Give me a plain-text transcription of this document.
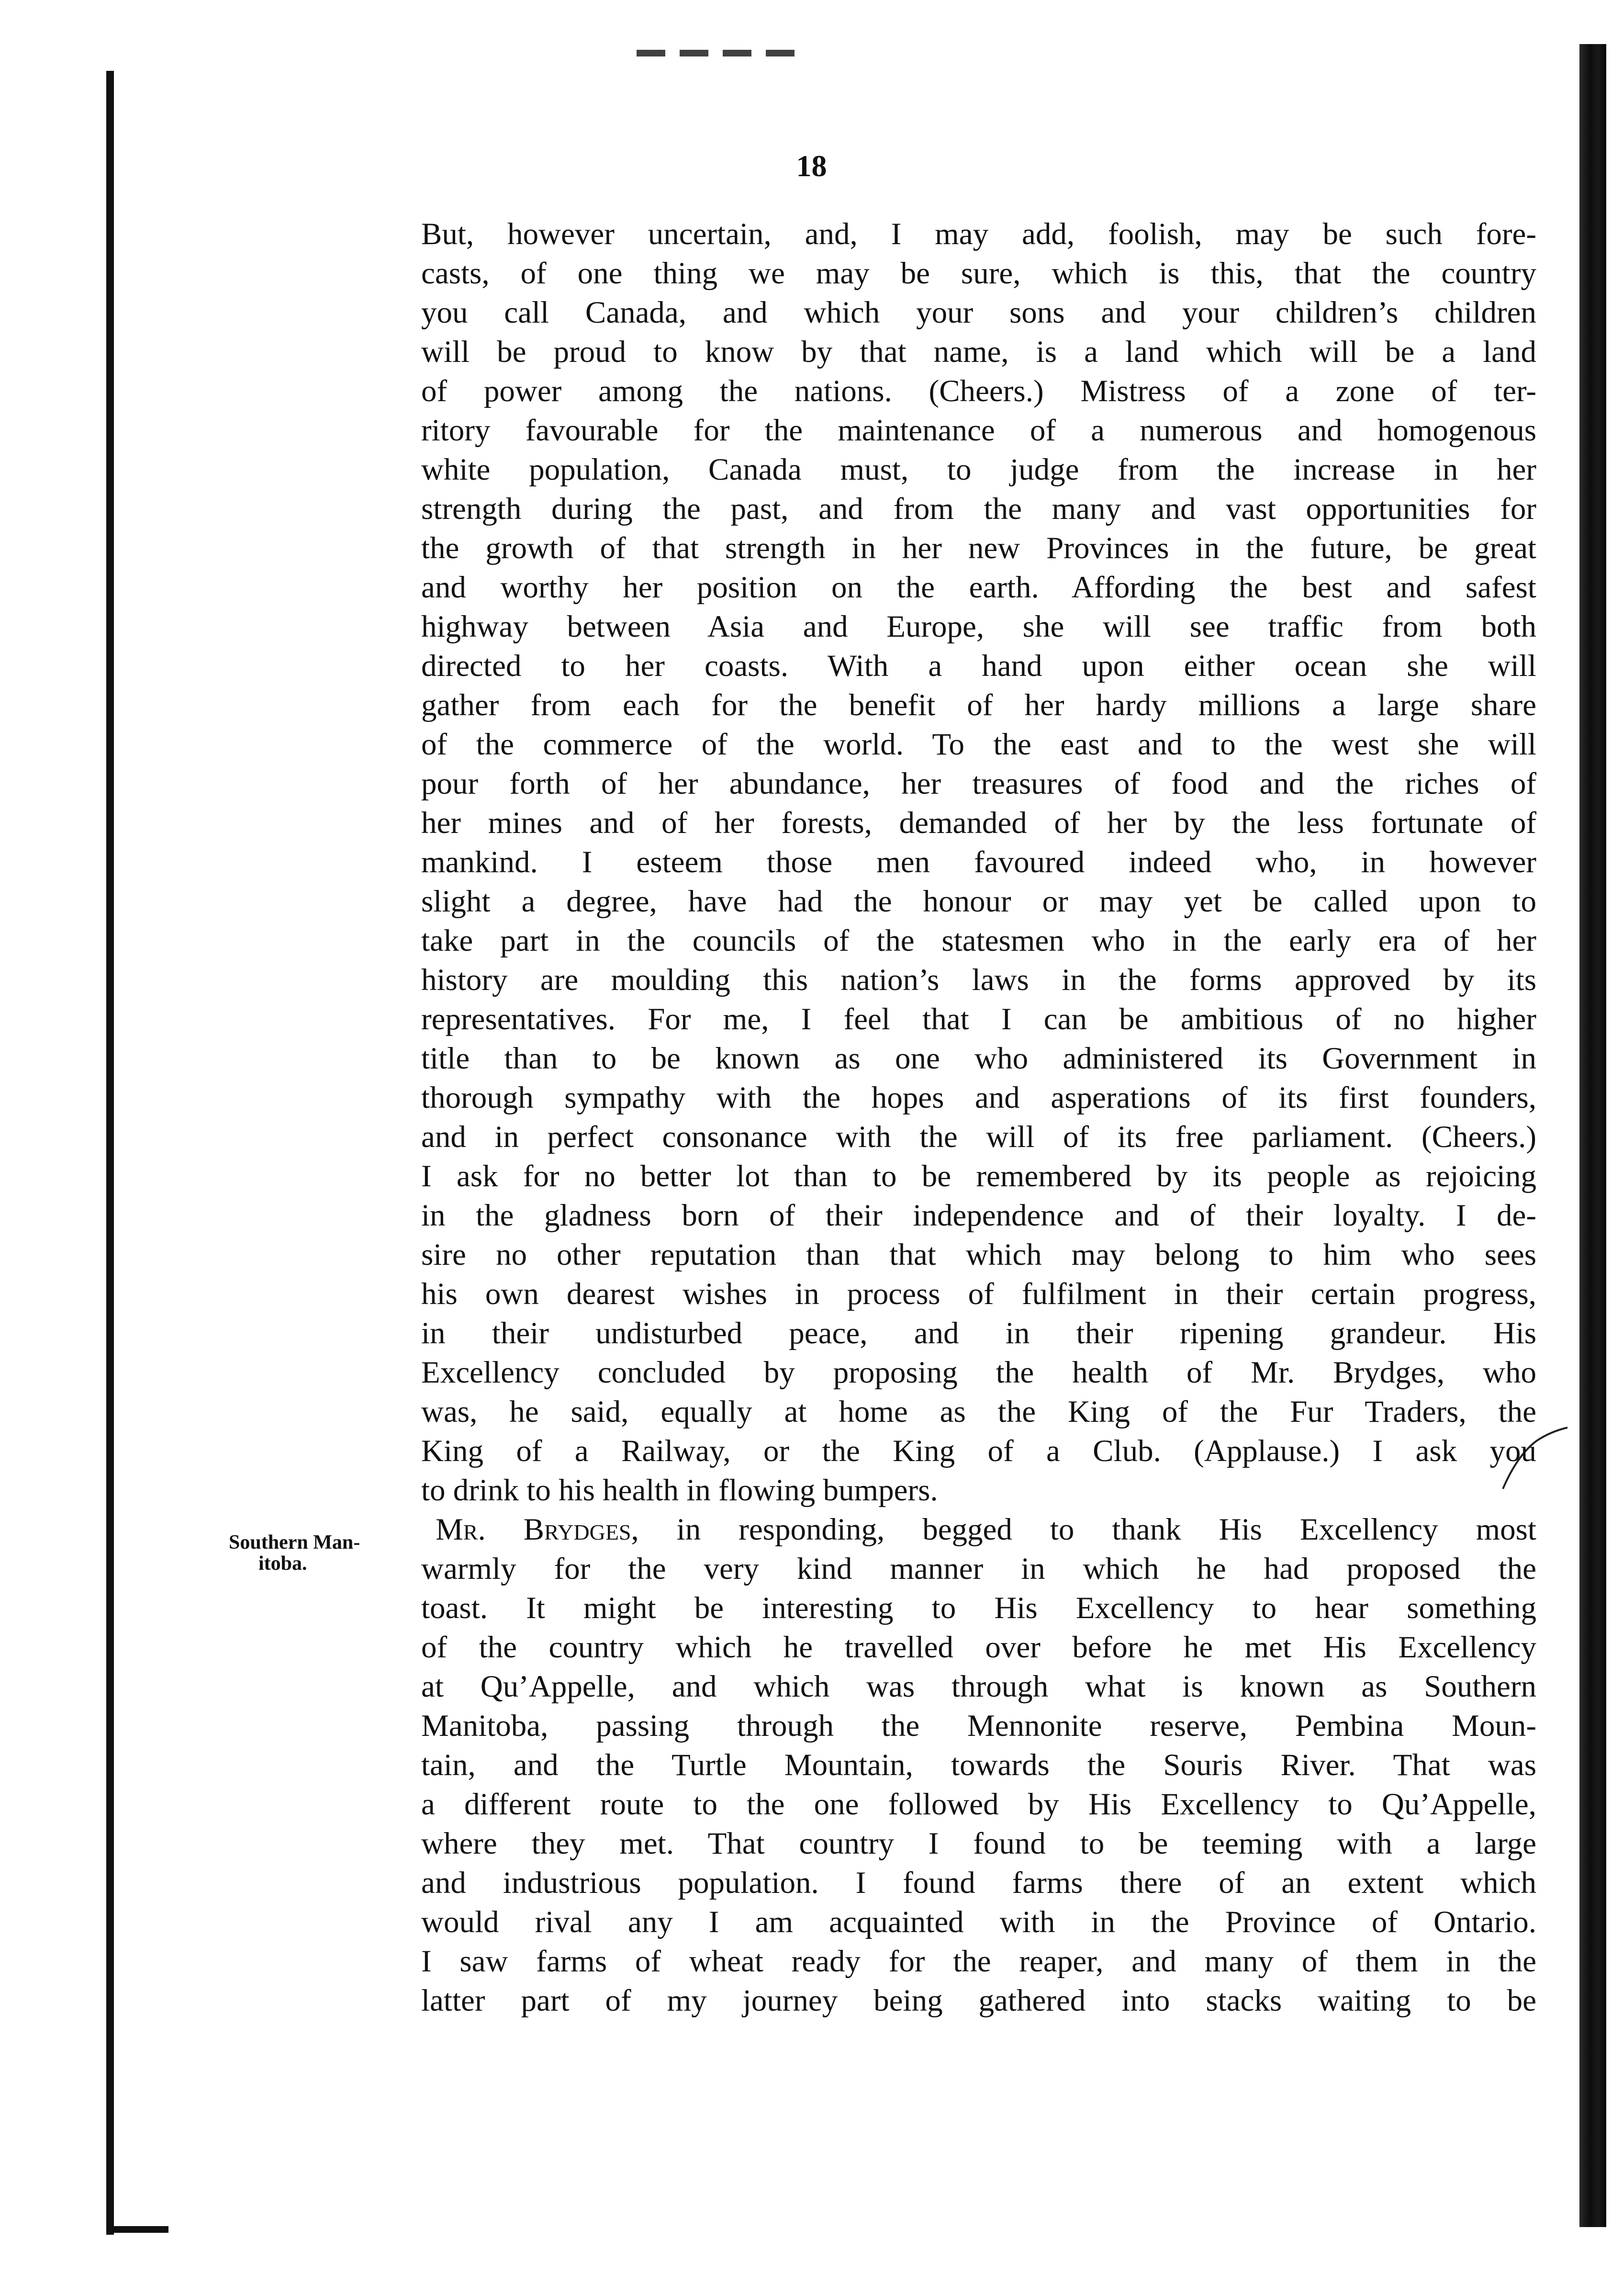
18
Southern Man-
itoba.
But, however uncertain, and, I may add, foolish, may be such fore-
casts, of one thing we may be sure, which is this, that the country
you call Canada, and which your sons and your children’s children
will be proud to know by that name, is a land which will be a land
of power among the nations. (Cheers.) Mistress of a zone of ter-
ritory favourable for the maintenance of a numerous and homogenous
white population, Canada must, to judge from the increase in her
strength during the past, and from the many and vast opportunities for
the growth of that strength in her new Provinces in the future, be great
and worthy her position on the earth. Affording the best and safest
highway between Asia and Europe, she will see traffic from both
directed to her coasts. With a hand upon either ocean she will
gather from each for the benefit of her hardy millions a large share
of the commerce of the world. To the east and to the west she will
pour forth of her abundance, her treasures of food and the riches of
her mines and of her forests, demanded of her by the less fortunate of
mankind. I esteem those men favoured indeed who, in however
slight a degree, have had the honour or may yet be called upon to
take part in the councils of the statesmen who in the early era of her
history are moulding this nation’s laws in the forms approved by its
representatives. For me, I feel that I can be ambitious of no higher
title than to be known as one who administered its Government in
thorough sympathy with the hopes and asperations of its first founders,
and in perfect consonance with the will of its free parliament. (Cheers.)
I ask for no better lot than to be remembered by its people as rejoicing
in the gladness born of their independence and of their loyalty. I de-
sire no other reputation than that which may belong to him who sees
his own dearest wishes in process of fulfilment in their certain progress,
in their undisturbed peace, and in their ripening grandeur. His
Excellency concluded by proposing the health of Mr. Brydges, who
was, he said, equally at home as the King of the Fur Traders, the
King of a Railway, or the King of a Club. (Applause.) I ask you
to drink to his health in flowing bumpers.
Mr. Brydges, in responding, begged to thank His Excellency most
warmly for the very kind manner in which he had proposed the
toast. It might be interesting to His Excellency to hear something
of the country which he travelled over before he met His Excellency
at Qu’Appelle, and which was through what is known as Southern
Manitoba, passing through the Mennonite reserve, Pembina Moun-
tain, and the Turtle Mountain, towards the Souris River. That was
a different route to the one followed by His Excellency to Qu’Appelle,
where they met. That country I found to be teeming with a large
and industrious population. I found farms there of an extent which
would rival any I am acquainted with in the Province of Ontario.
I saw farms of wheat ready for the reaper, and many of them in the
latter part of my journey being gathered into stacks waiting to be
